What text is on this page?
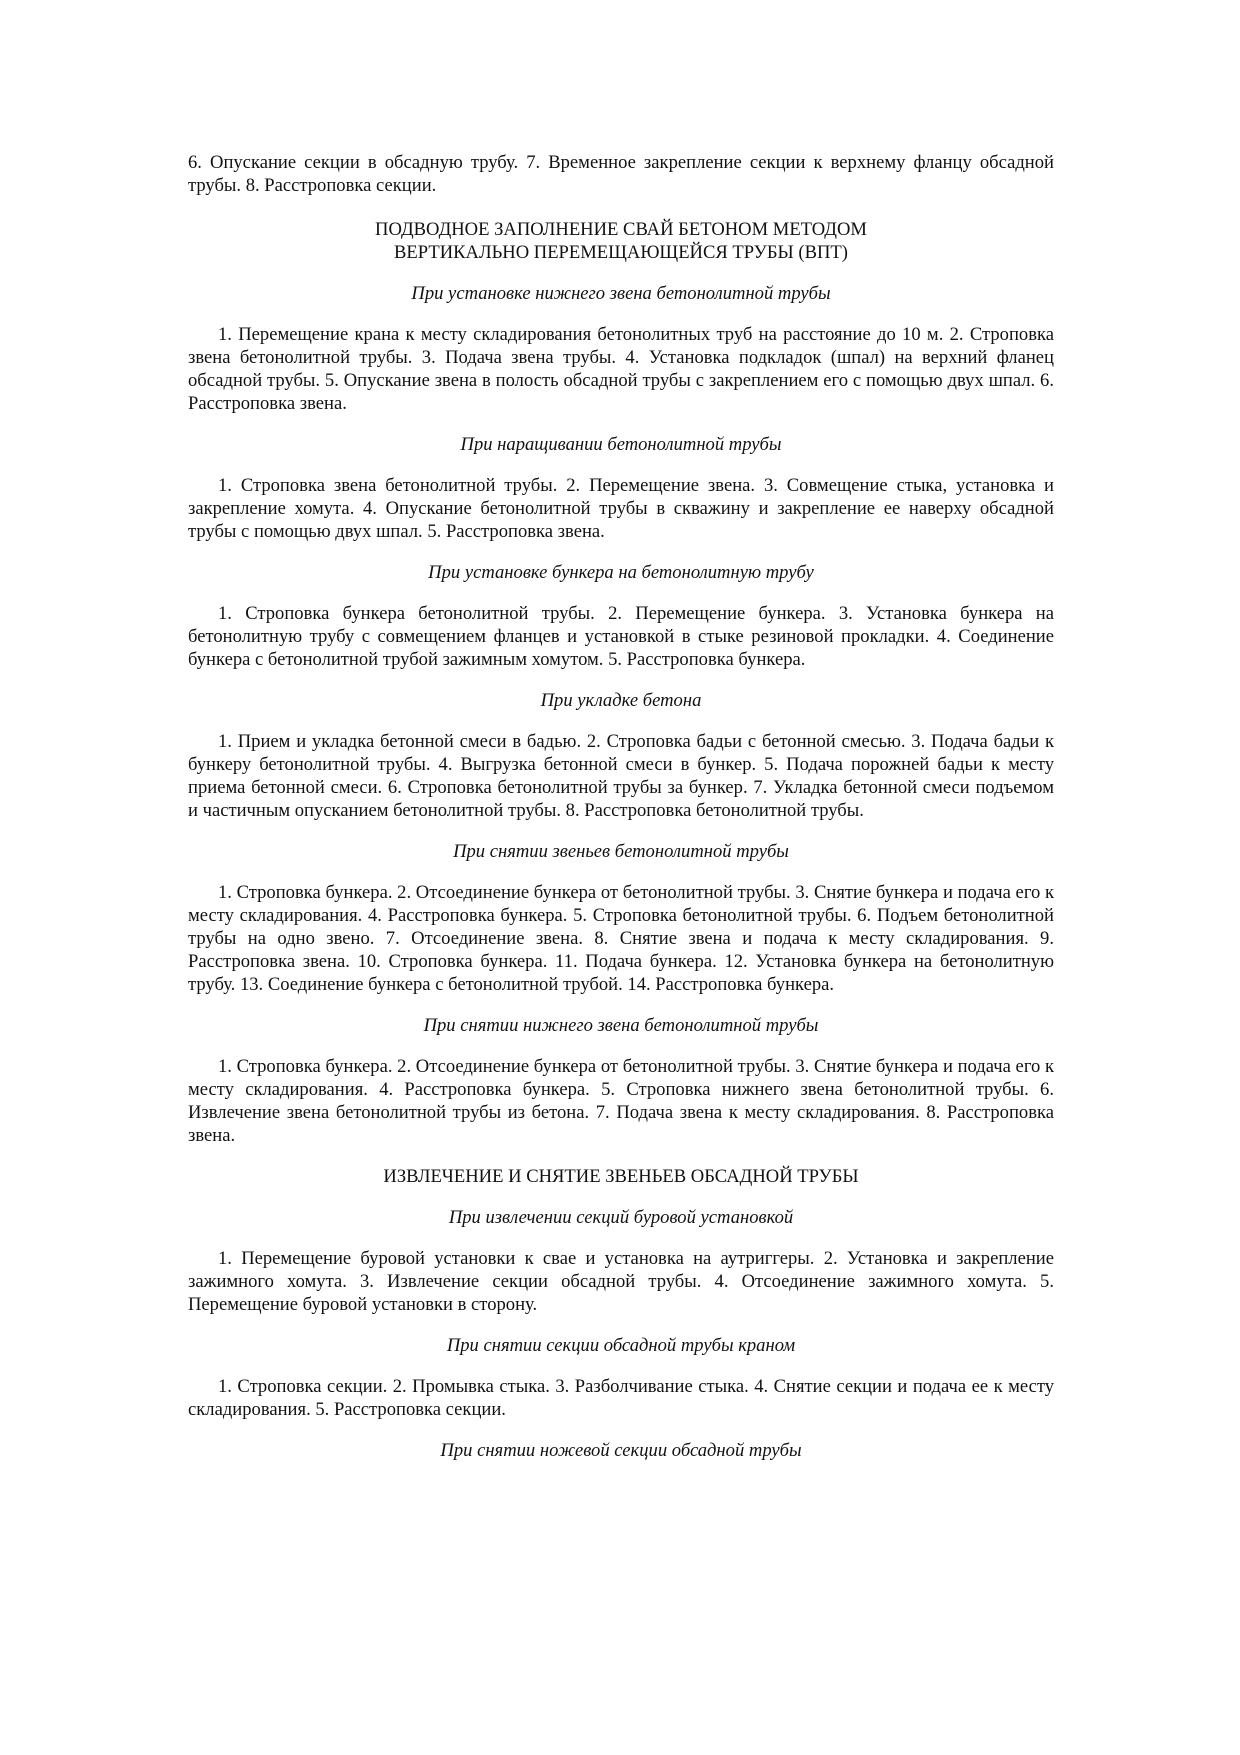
6. Опускание секции в обсадную трубу. 7. Временное закрепление секции к верхнему фланцу обсадной трубы. 8. Расстроповка секции.

ПОДВОДНОЕ ЗАПОЛНЕНИЕ СВАЙ БЕТОНОМ МЕТОДОМ

ВЕРТИКАЛЬНО ПЕРЕМЕЩАЮЩЕЙСЯ ТРУБЫ (ВПТ)

При установке нижнего звена бетонолитной трубы

1. Перемещение крана к месту складирования бетонолитных труб на расстояние до 10 м. 2. Строповка звена бетонолитной трубы. 3. Подача звена трубы. 4. Установка подкладок (шпал) на верхний фланец обсадной трубы. 5. Опускание звена в полость обсадной трубы с закреплением его с помощью двух шпал. 6. Расстроповка звена.

При наращивании бетонолитной трубы

1. Строповка звена бетонолитной трубы. 2. Перемещение звена. 3. Совмещение стыка, установка и закрепление хомута. 4. Опускание бетонолитной трубы в скважину и закрепление ее наверху обсадной трубы с помощью двух шпал. 5. Расстроповка звена.

При установке бункера на бетонолитную трубу

1. Строповка бункера бетонолитной трубы. 2. Перемещение бункера. 3. Установка бункера на бетонолитную трубу с совмещением фланцев и установкой в стыке резиновой прокладки. 4. Соединение бункера с бетонолитной трубой зажимным хомутом. 5. Расстроповка бункера.

При укладке бетона

1. Прием и укладка бетонной смеси в бадью. 2. Строповка бадьи с бетонной смесью. 3. Подача бадьи к бункеру бетонолитной трубы. 4. Выгрузка бетонной смеси в бункер. 5. Подача порожней бадьи к месту приема бетонной смеси. 6. Строповка бетонолитной трубы за бункер. 7. Укладка бетонной смеси подъемом и частичным опусканием бетонолитной трубы. 8. Расстроповка бетонолитной трубы.

При снятии звеньев бетонолитной трубы

1. Строповка бункера. 2. Отсоединение бункера от бетонолитной трубы. 3. Снятие бункера и подача его к месту складирования. 4. Расстроповка бункера. 5. Строповка бетонолитной трубы. 6. Подъем бетонолитной трубы на одно звено. 7. Отсоединение звена. 8. Снятие звена и подача к месту складирования. 9. Расстроповка звена. 10. Строповка бункера. 11. Подача бункера. 12. Установка бункера на бетонолитную трубу. 13. Соединение бункера с бетонолитной трубой. 14. Расстроповка бункера.

При снятии нижнего звена бетонолитной трубы

1. Строповка бункера. 2. Отсоединение бункера от бетонолитной трубы. 3. Снятие бункера и подача его к месту складирования. 4. Расстроповка бункера. 5. Строповка нижнего звена бетонолитной трубы. 6. Извлечение звена бетонолитной трубы из бетона. 7. Подача звена к месту складирования. 8. Расстроповка звена.

ИЗВЛЕЧЕНИЕ И СНЯТИЕ ЗВЕНЬЕВ ОБСАДНОЙ ТРУБЫ

При извлечении секций буровой установкой

1. Перемещение буровой установки к свае и установка на аутриггеры. 2. Установка и закрепление зажимного хомута. 3. Извлечение секции обсадной трубы. 4. Отсоединение зажимного хомута. 5. Перемещение буровой установки в сторону.

При снятии секции обсадной трубы краном

1. Строповка секции. 2. Промывка стыка. 3. Разболчивание стыка. 4. Снятие секции и подача ее к месту складирования. 5. Расстроповка секции.

При снятии ножевой секции обсадной трубы
